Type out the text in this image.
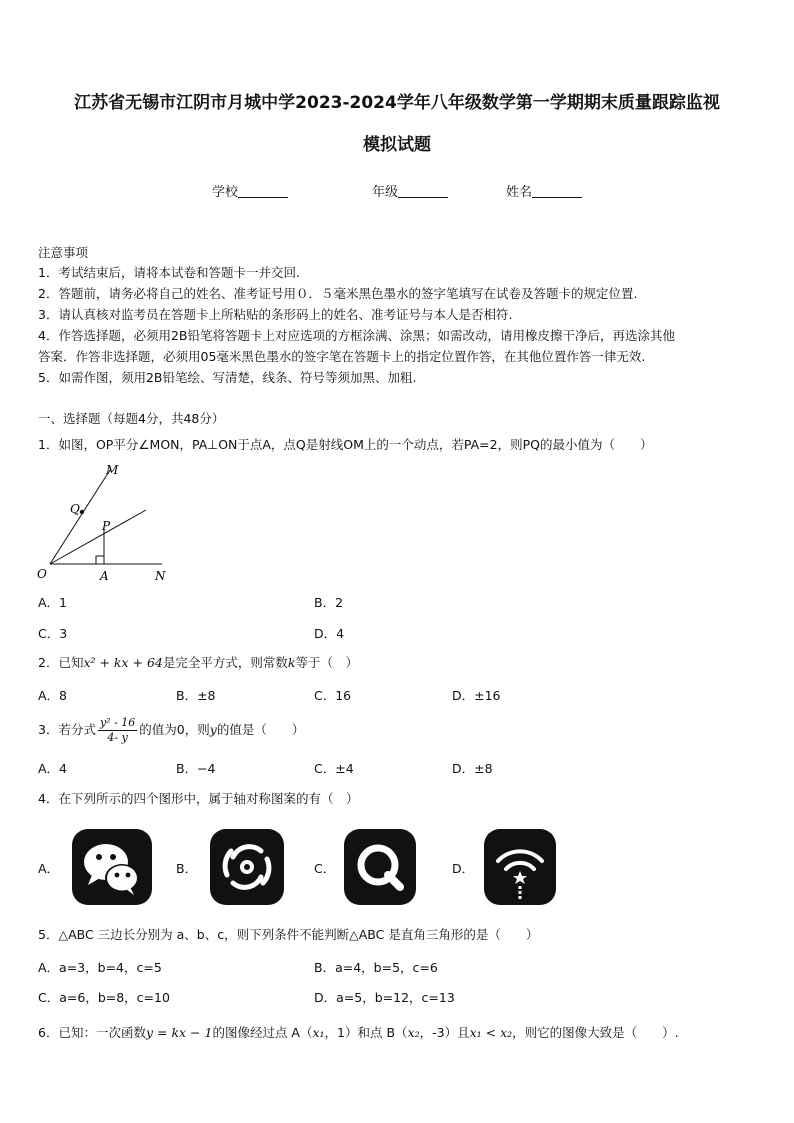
江苏省无锡市江阴市月城中学2023-2024学年八年级数学第一学期期末质量跟踪监视
模拟试题
学校	年级	姓名
注意事项
1．考试结束后，请将本试卷和答题卡一并交回.
2．答题前，请务必将自己的姓名、准考证号用０．５毫米黑色墨水的签字笔填写在试卷及答题卡的规定位置.
3．请认真核对监考员在答题卡上所粘贴的条形码上的姓名、准考证号与本人是否相符.
4．作答选择题，必须用2B铅笔将答题卡上对应选项的方框涂满、涂黑；如需改动，请用橡皮擦干净后，再选涂其他
答案．作答非选择题，必须用05毫米黑色墨水的签字笔在答题卡上的指定位置作答，在其他位置作答一律无效.
5．如需作图，须用2B铅笔绘、写清楚，线条、符号等须加黑、加粗.
一、选择题（每题4分，共48分）
1．如图，OP平分∠MON，PA⊥ON于点A，点Q是射线OM上的一个动点，若PA=2，则PQ的最小值为（　　）
M
Q
P
O	A	N
A．1	B．2
C．3	D．4
2．已知x² + kx + 64是完全平方式，则常数k等于（　）
A．8	B．±8	C．16	D．±16
3．若分式 $\frac{\text{y² - 16}}{4- y}$ 的值为0，则y的值是（　　）
A．4	B．−4	C．±4	D．±8
4．在下列所示的四个图形中，属于轴对称图案的有（　）
A．	B．	C．	D．
5．△ABC 三边长分别为 a、b、c，则下列条件不能判断△ABC 是直角三角形的是（　　）
A．a=3，b=4，c=5	B．a=4，b=5，c=6
C．a=6，b=8，c=10	D．a=5，b=12，c=13
6．已知：一次函数y = kx − 1的图像经过点 A（x₁，1）和点 B（x₂，-3）且x₁ < x₂，则它的图像大致是（　　）.
